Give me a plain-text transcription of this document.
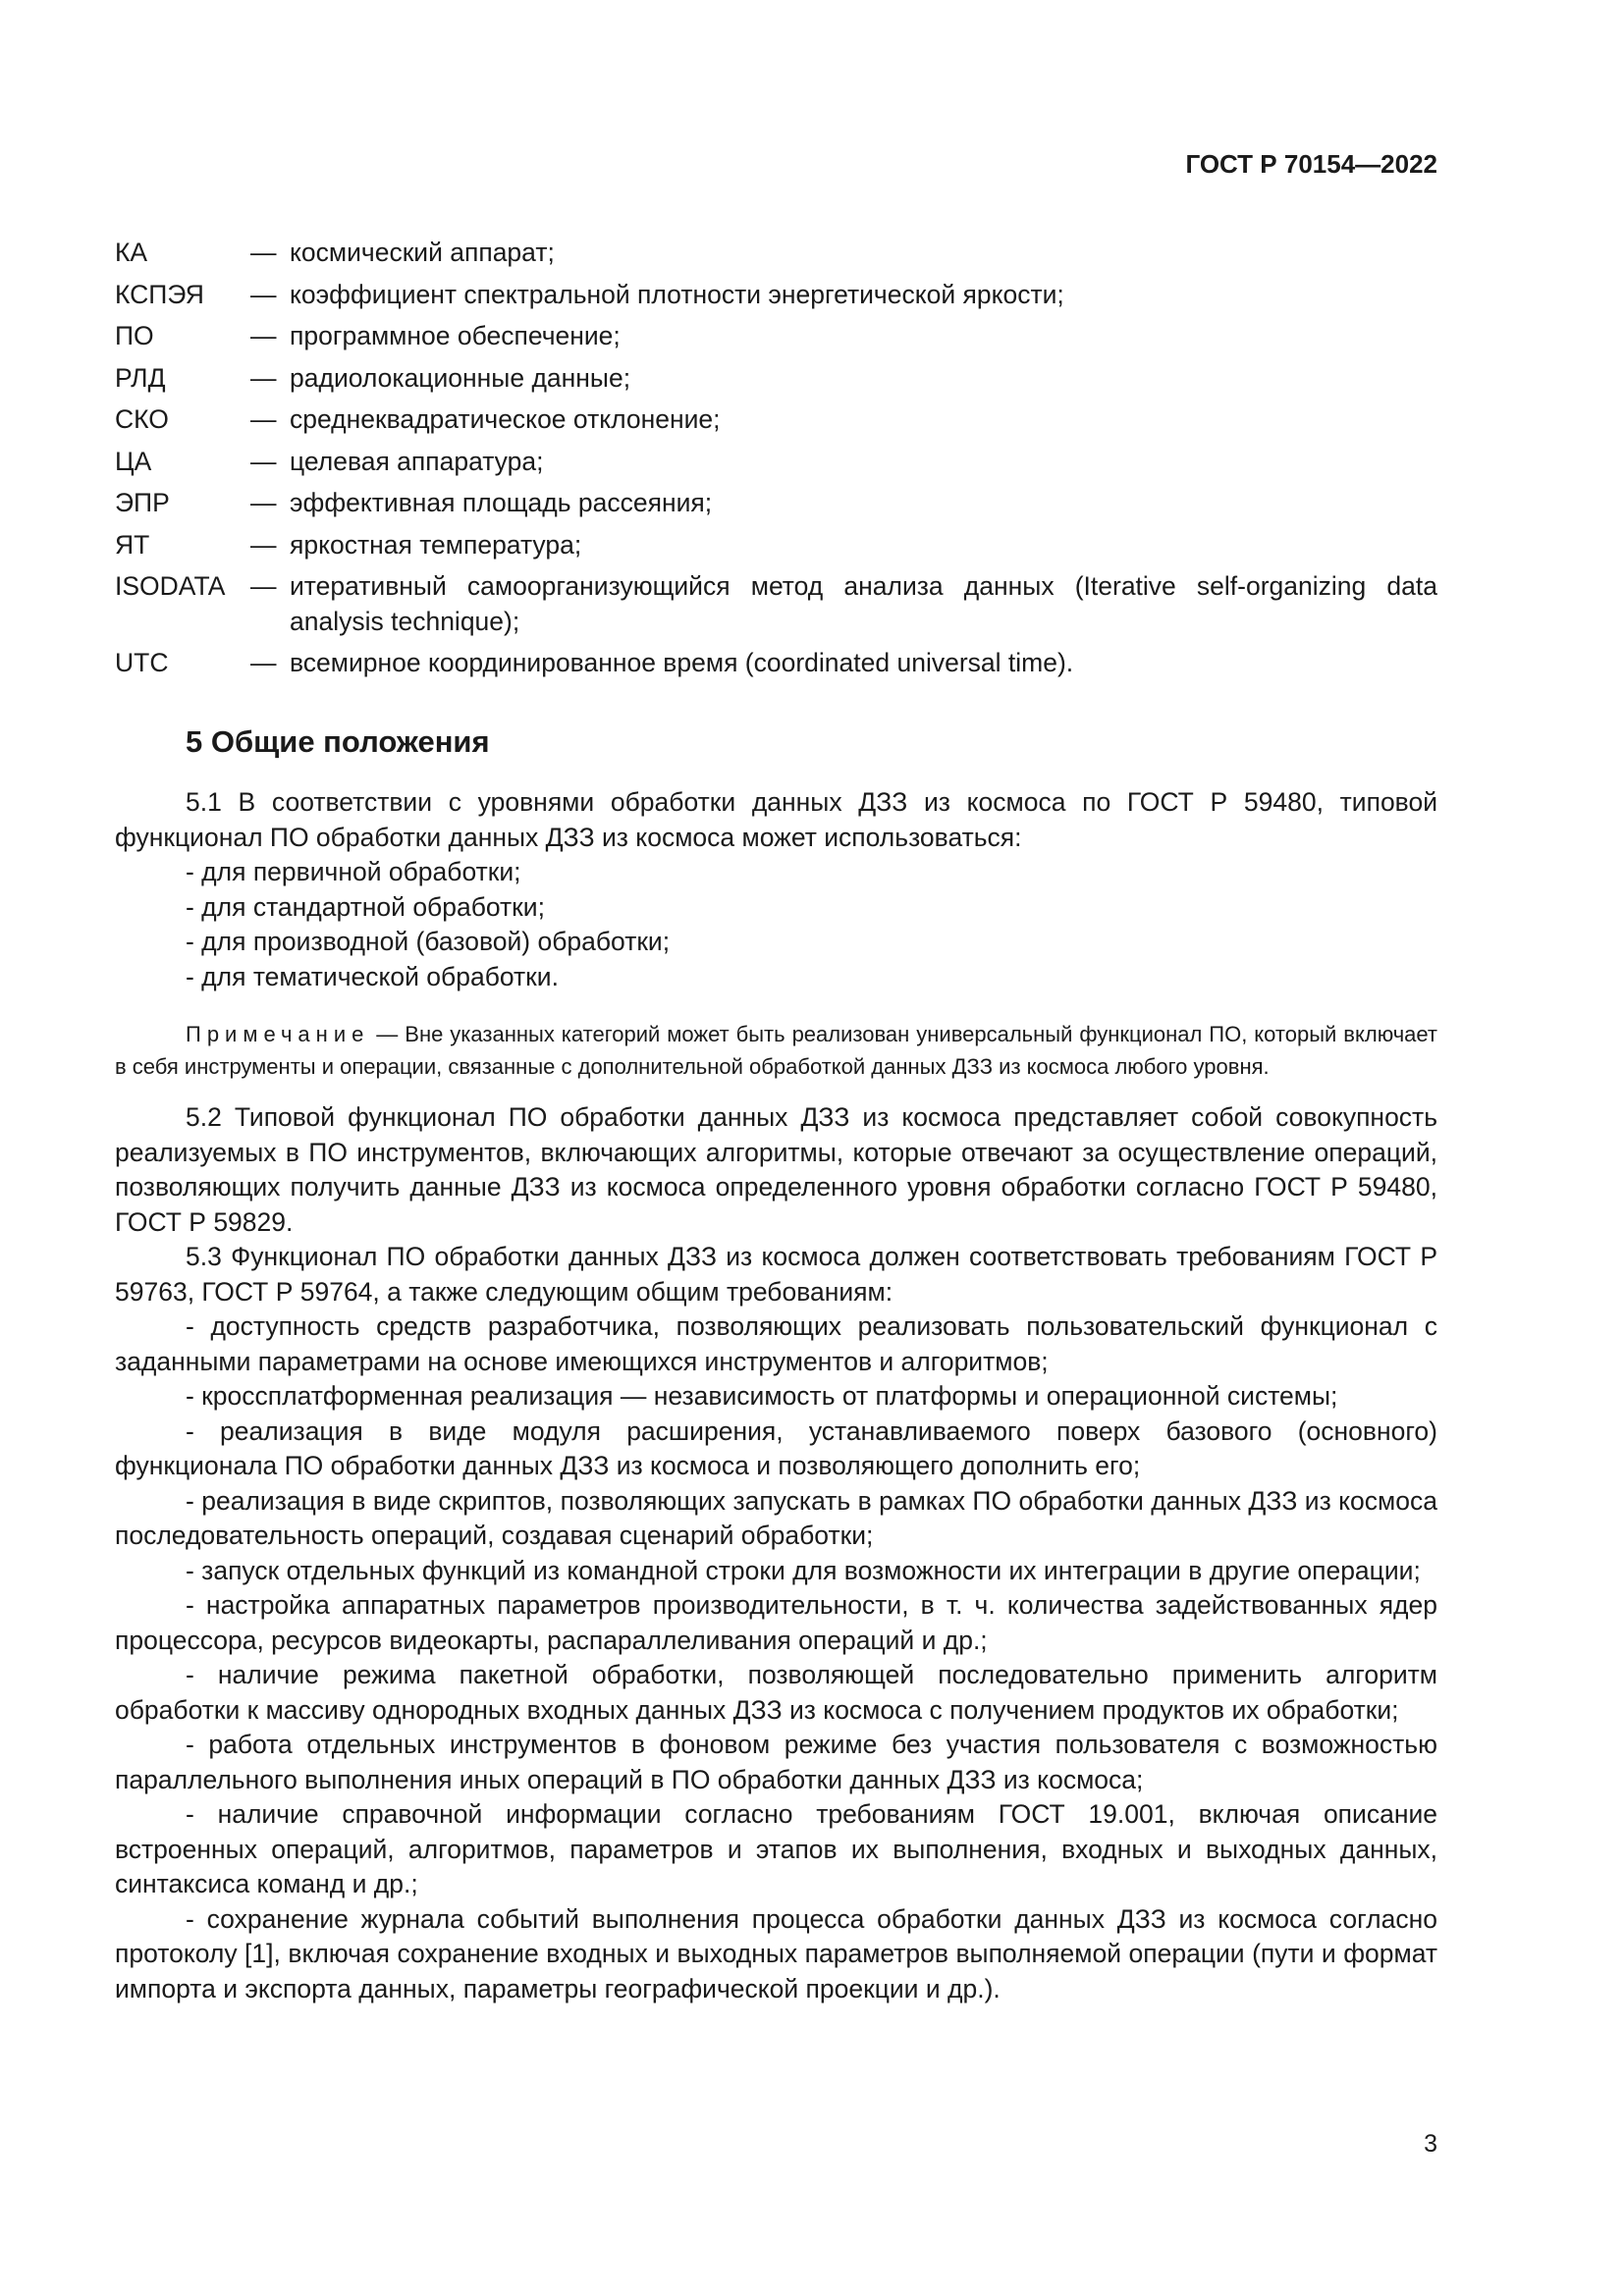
ГОСТ Р 70154—2022
КА	— космический аппарат;
КСПЭЯ	— коэффициент спектральной плотности энергетической яркости;
ПО	— программное обеспечение;
РЛД	— радиолокационные данные;
СКО	— среднеквадратическое отклонение;
ЦА	— целевая аппаратура;
ЭПР	— эффективная площадь рассеяния;
ЯТ	— яркостная температура;
ISODATA — итеративный самоорганизующийся метод анализа данных (Iterative self-organizing data analysis technique);
UTC	— всемирное координированное время (coordinated universal time).
5 Общие положения

5.1 В соответствии с уровнями обработки данных ДЗЗ из космоса по ГОСТ Р 59480, типовой функционал ПО обработки данных ДЗЗ из космоса может использоваться:

- для первичной обработки;

- для стандартной обработки;

- для производной (базовой) обработки;

- для тематической обработки.

Примечание — Вне указанных категорий может быть реализован универсальный функционал ПО, который включает в себя инструменты и операции, связанные с дополнительной обработкой данных ДЗЗ из космоса любого уровня.

5.2 Типовой функционал ПО обработки данных ДЗЗ из космоса представляет собой совокупность реализуемых в ПО инструментов, включающих алгоритмы, которые отвечают за осуществление операций, позволяющих получить данные ДЗЗ из космоса определенного уровня обработки согласно ГОСТ Р 59480, ГОСТ Р 59829.

5.3 Функционал ПО обработки данных ДЗЗ из космоса должен соответствовать требованиям ГОСТ Р 59763, ГОСТ Р 59764, а также следующим общим требованиям:

- доступность средств разработчика, позволяющих реализовать пользовательский функционал с заданными параметрами на основе имеющихся инструментов и алгоритмов;

- кроссплатформенная реализация — независимость от платформы и операционной системы;

- реализация в виде модуля расширения, устанавливаемого поверх базового (основного) функционала ПО обработки данных ДЗЗ из космоса и позволяющего дополнить его;

- реализация в виде скриптов, позволяющих запускать в рамках ПО обработки данных ДЗЗ из космоса последовательность операций, создавая сценарий обработки;

- запуск отдельных функций из командной строки для возможности их интеграции в другие операции;

- настройка аппаратных параметров производительности, в т. ч. количества задействованных ядер процессора, ресурсов видеокарты, распараллеливания операций и др.;

- наличие режима пакетной обработки, позволяющей последовательно применить алгоритм обработки к массиву однородных входных данных ДЗЗ из космоса с получением продуктов их обработки;

- работа отдельных инструментов в фоновом режиме без участия пользователя с возможностью параллельного выполнения иных операций в ПО обработки данных ДЗЗ из космоса;

- наличие справочной информации согласно требованиям ГОСТ 19.001, включая описание встроенных операций, алгоритмов, параметров и этапов их выполнения, входных и выходных данных, синтаксиса команд и др.;

- сохранение журнала событий выполнения процесса обработки данных ДЗЗ из космоса согласно протоколу [1], включая сохранение входных и выходных параметров выполняемой операции (пути и формат импорта и экспорта данных, параметры географической проекции и др.).

3
